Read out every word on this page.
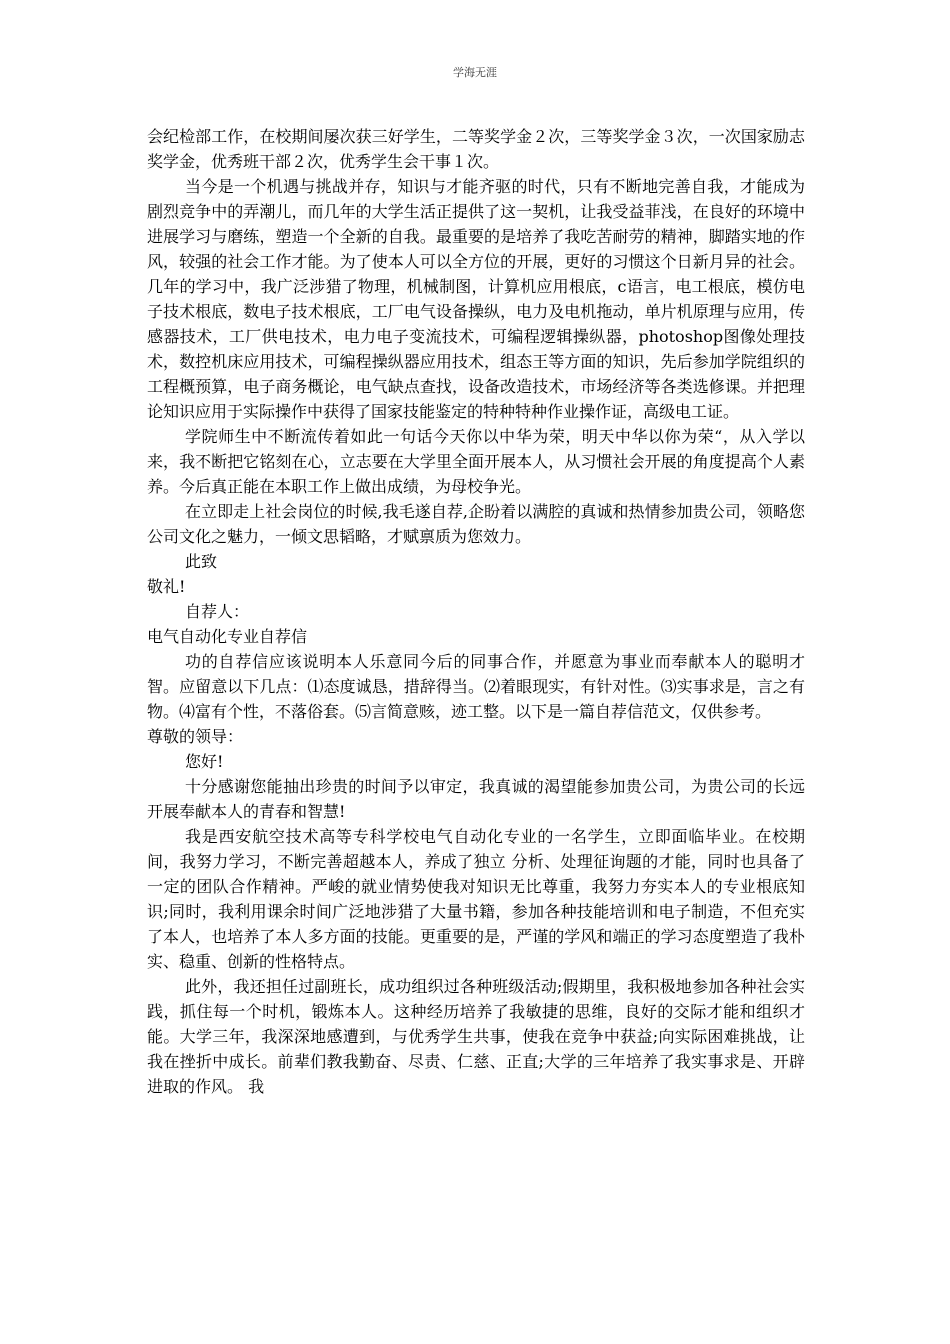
学海无涯

会纪检部工作，在校期间屡次获三好学生，二等奖学金２次，三等奖学金３次，一次国家励志奖学金，优秀班干部２次，优秀学生会干事１次。

当今是一个机遇与挑战并存，知识与才能齐驱的时代，只有不断地完善自我，才能成为剧烈竞争中的弄潮儿，而几年的大学生活正提供了这一契机，让我受益菲浅，在良好的环境中进展学习与磨练，塑造一个全新的自我。最重要的是培养了我吃苦耐劳的精神，脚踏实地的作风，较强的社会工作才能。为了使本人可以全方位的开展，更好的习惯这个日新月异的社会。几年的学习中，我广泛涉猎了物理，机械制图，计算机应用根底，c语言，电工根底，模仿电子技术根底，数电子技术根底，工厂电气设备操纵，电力及电机拖动，单片机原理与应用，传感器技术，工厂供电技术，电力电子变流技术，可编程逻辑操纵器，photoshop图像处理技术，数控机床应用技术，可编程操纵器应用技术，组态王等方面的知识，先后参加学院组织的工程概预算，电子商务概论，电气缺点查找，设备改造技术，市场经济等各类选修课。并把理论知识应用于实际操作中获得了国家技能鉴定的特种特种作业操作证，高级电工证。

学院师生中不断流传着如此一句话今天你以中华为荣，明天中华以你为荣“，从入学以来，我不断把它铭刻在心，立志要在大学里全面开展本人，从习惯社会开展的角度提高个人素养。今后真正能在本职工作上做出成绩，为母校争光。

在立即走上社会岗位的时候,我毛遂自荐,企盼着以满腔的真诚和热情参加贵公司，领略您公司文化之魅力，一倾文思韬略，才赋禀质为您效力。

此致

敬礼!

自荐人：

电气自动化专业自荐信

功的自荐信应该说明本人乐意同今后的同事合作，并愿意为事业而奉献本人的聪明才智。应留意以下几点：⑴态度诚恳，措辞得当。⑵着眼现实，有针对性。⑶实事求是，言之有物。⑷富有个性，不落俗套。⑸言简意赅，迹工整。以下是一篇自荐信范文，仅供参考。

尊敬的领导：

您好!

十分感谢您能抽出珍贵的时间予以审定，我真诚的渴望能参加贵公司，为贵公司的长远开展奉献本人的青春和智慧!

我是西安航空技术高等专科学校电气自动化专业的一名学生，立即面临毕业。在校期间，我努力学习，不断完善超越本人，养成了独立 分析、处理征询题的才能，同时也具备了一定的团队合作精神。严峻的就业情势使我对知识无比尊重，我努力夯实本人的专业根底知识;同时，我利用课余时间广泛地涉猎了大量书籍，参加各种技能培训和电子制造，不但充实了本人，也培养了本人多方面的技能。更重要的是，严谨的学风和端正的学习态度塑造了我朴实、稳重、创新的性格特点。

此外，我还担任过副班长，成功组织过各种班级活动;假期里，我积极地参加各种社会实践，抓住每一个时机，锻炼本人。这种经历培养了我敏捷的思维，良好的交际才能和组织才能。大学三年，我深深地感遭到，与优秀学生共事，使我在竞争中获益;向实际困难挑战，让我在挫折中成长。前辈们教我勤奋、尽责、仁慈、正直;大学的三年培养了我实事求是、开辟进取的作风。 我
